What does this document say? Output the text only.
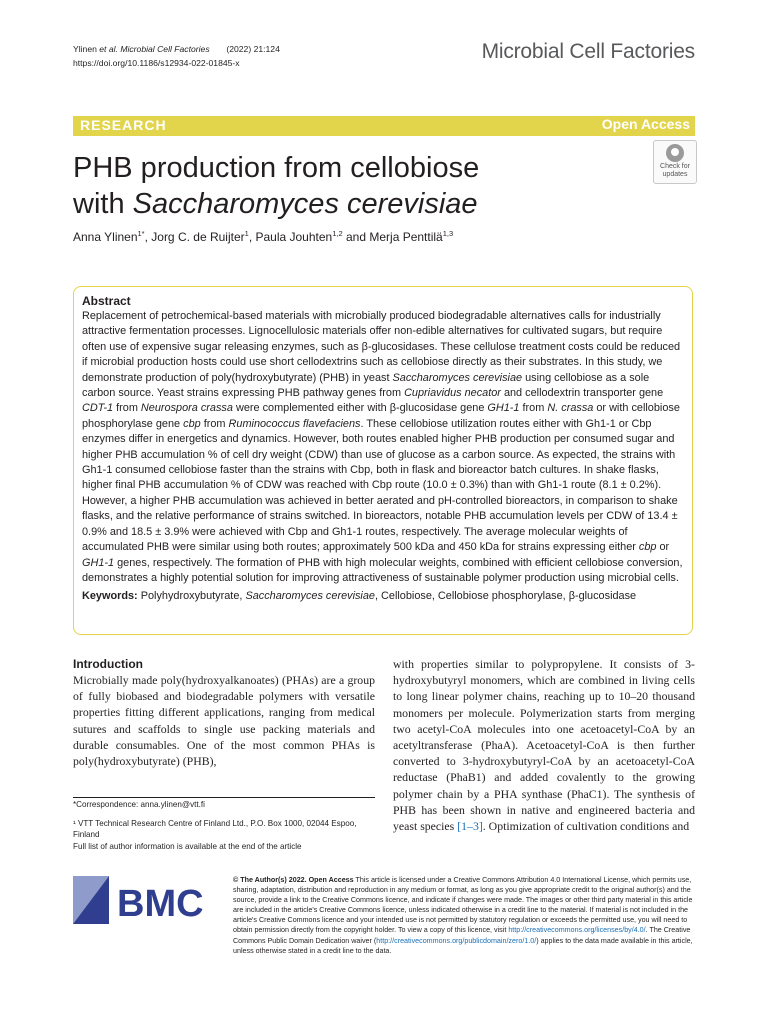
Ylinen et al. Microbial Cell Factories (2022) 21:124
https://doi.org/10.1186/s12934-022-01845-x	Microbial Cell Factories
RESEARCH	Open Access
PHB production from cellobiose
with Saccharomyces cerevisiae
Check for
updates
Anna Ylinen$^{1*}$, Jorg C. de Ruijter$^1$, Paula Jouhten$^{1,2}$ and Merja Penttilä$^{1,3}$
Abstract

Replacement of petrochemical-based materials with microbially produced biodegradable alternatives calls for industrially attractive fermentation processes. Lignocellulosic materials offer non-edible alternatives for cultivated sugars, but require often use of expensive sugar releasing enzymes, such as β-glucosidases. These cellulose treatment costs could be reduced if microbial production hosts could use short cellodextrins such as cellobiose directly as their substrates. In this study, we demonstrate production of poly(hydroxybutyrate) (PHB) in yeast Saccharomyces cerevisiae using cellobiose as a sole carbon source. Yeast strains expressing PHB pathway genes from Cupriavidus necator and cellodextrin transporter gene CDT-1 from Neurospora crassa were complemented either with β-glucosidase gene GH1-1 from N. crassa or with cellobiose phosphorylase gene cbp from Ruminococcus flavefaciens. These cellobiose utilization routes either with Gh1-1 or Cbp enzymes differ in energetics and dynamics. However, both routes enabled higher PHB production per consumed sugar and higher PHB accumulation % of cell dry weight (CDW) than use of glucose as a carbon source. As expected, the strains with Gh1-1 consumed cellobiose faster than the strains with Cbp, both in flask and bioreactor batch cultures. In shake flasks, higher final PHB accumulation % of CDW was reached with Cbp route (10.0 ± 0.3%) than with Gh1-1 route (8.1 ± 0.2%). However, a higher PHB accumulation was achieved in better aerated and pH-controlled bioreactors, in comparison to shake flasks, and the relative performance of strains switched. In bioreactors, notable PHB accumulation levels per CDW of 13.4 ± 0.9% and 18.5 ± 3.9% were achieved with Cbp and Gh1-1 routes, respectively. The average molecular weights of accumulated PHB were similar using both routes; approximately 500 kDa and 450 kDa for strains expressing either cbp or GH1-1 genes, respectively. The formation of PHB with high molecular weights, combined with efficient cellobiose conversion, demonstrates a highly potential solution for improving attractiveness of sustainable polymer production using microbial cells.

Keywords: Polyhydroxybutyrate, Saccharomyces cerevisiae, Cellobiose, Cellobiose phosphorylase, β-glucosidase
Introduction
Microbially made poly(hydroxyalkanoates) (PHAs) are a group of fully biobased and biodegradable polymers with versatile properties fitting different applications, ranging from medical sutures and scaffolds to single use packing materials and durable consumables. One of the most common PHAs is poly(hydroxybutyrate) (PHB),
with properties similar to polypropylene. It consists of 3-hydroxybutyryl monomers, which are combined in living cells to long linear polymer chains, reaching up to 10–20 thousand monomers per molecule. Polymerization starts from merging two acetyl-CoA molecules into one acetoacetyl-CoA by an acetyltransferase (PhaA). Acetoacetyl-CoA is then further converted to 3-hydroxybutyryl-CoA by an acetoacetyl-CoA reductase (PhaB1) and added covalently to the growing polymer chain by a PHA synthase (PhaC1). The synthesis of PHB has been shown in native and engineered bacteria and yeast species [1–3]. Optimization of cultivation conditions and
*Correspondence: anna.ylinen@vtt.fi
¹ VTT Technical Research Centre of Finland Ltd., P.O. Box 1000, 02044 Espoo, Finland
Full list of author information is available at the end of the article
BMC
© The Author(s) 2022. Open Access This article is licensed under a Creative Commons Attribution 4.0 International License, which permits use, sharing, adaptation, distribution and reproduction in any medium or format, as long as you give appropriate credit to the original author(s) and the source, provide a link to the Creative Commons licence, and indicate if changes were made. The images or other third party material in this article are included in the article's Creative Commons licence, unless indicated otherwise in a credit line to the material. If material is not included in the article's Creative Commons licence and your intended use is not permitted by statutory regulation or exceeds the permitted use, you will need to obtain permission directly from the copyright holder. To view a copy of this licence, visit http://creativecommons.org/licenses/by/4.0/. The Creative Commons Public Domain Dedication waiver (http://creativecommons.org/publicdomain/zero/1.0/) applies to the data made available in this article, unless otherwise stated in a credit line to the data.
